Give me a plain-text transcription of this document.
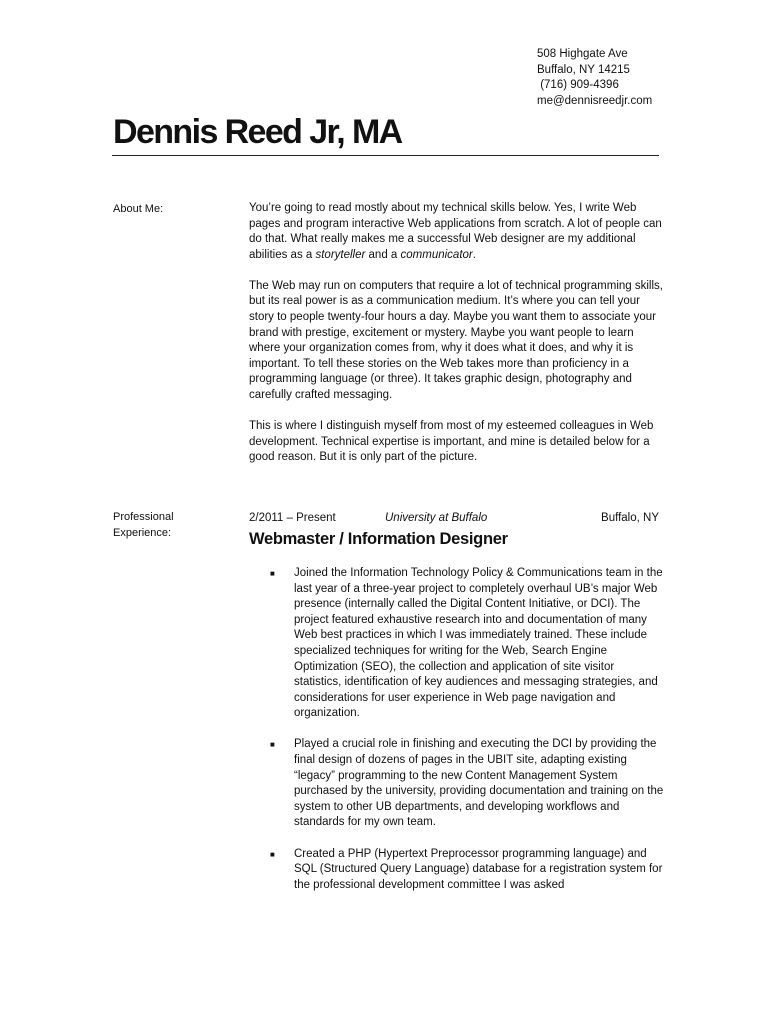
508 Highgate Ave
Buffalo, NY 14215
(716) 909-4396
me@dennisreedjr.com
Dennis Reed Jr, MA
About Me:	You’re going to read mostly about my technical skills below. Yes, I write Web pages and program interactive Web applications from scratch. A lot of people can do that. What really makes me a successful Web designer are my additional abilities as a storyteller and a communicator.

The Web may run on computers that require a lot of technical programming skills, but its real power is as a communication medium. It’s where you can tell your story to people twenty-four hours a day. Maybe you want them to associate your brand with prestige, excitement or mystery. Maybe you want people to learn where your organization comes from, why it does what it does, and why it is important. To tell these stories on the Web takes more than proficiency in a programming language (or three). It takes graphic design, photography and carefully crafted messaging.

This is where I distinguish myself from most of my esteemed colleagues in Web development. Technical expertise is important, and mine is detailed below for a good reason. But it is only part of the picture.

Professional Experience:
2/2011 – Present	University at Buffalo	Buffalo, NY
Webmaster / Information Designer
■ Joined the Information Technology Policy & Communications team in the last year of a three-year project to completely overhaul UB’s major Web presence (internally called the Digital Content Initiative, or DCI). The project featured exhaustive research into and documentation of many Web best practices in which I was immediately trained. These include specialized techniques for writing for the Web, Search Engine Optimization (SEO), the collection and application of site visitor statistics, identification of key audiences and messaging strategies, and considerations for user experience in Web page navigation and organization.
■ Played a crucial role in finishing and executing the DCI by providing the final design of dozens of pages in the UBIT site, adapting existing “legacy” programming to the new Content Management System purchased by the university, providing documentation and training on the system to other UB departments, and developing workflows and standards for my own team.
■ Created a PHP (Hypertext Preprocessor programming language) and SQL (Structured Query Language) database for a registration system for the professional development committee I was asked
